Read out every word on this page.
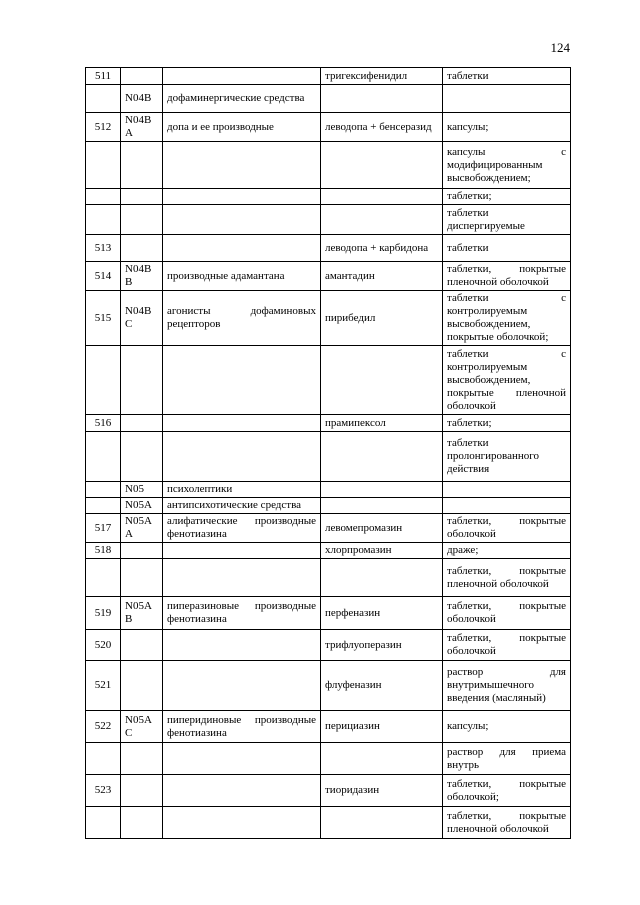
124
511			тригексифенидил	таблетки
	N04B	дофаминергические средства		
512	N04B A	допа и ее производные	леводопа + бенсеразид	капсулы;
				капсулы с модифицированным высвобождением;
				таблетки;
				таблетки диспергируемые
513			леводопа + карбидона	таблетки
514	N04B B	производные адамантана	амантадин	таблетки, покрытые пленочной оболочкой
515	N04B C	агонисты дофаминовых рецепторов	пирибедил	таблетки с контролируемым высвобождением, покрытые оболочкой;
				таблетки с контролируемым высвобождением, покрытые пленочной оболочкой
516			прамипексол	таблетки;
				таблетки пролонгированного действия
	N05	психолептики		
	N05A	антипсихотические средства		
517	N05A A	алифатические производные фенотиазина	левомепромазин	таблетки, покрытые оболочкой
518			хлорпромазин	драже;
				таблетки, покрытые пленочной оболочкой
519	N05A B	пиперазиновые производные фенотиазина	перфеназин	таблетки, покрытые оболочкой
520			трифлуоперазин	таблетки, покрытые оболочкой
521			флуфеназин	раствор для внутримышечного введения (масляный)
522	N05A C	пиперидиновые производные фенотиазина	перициазин	капсулы;
				раствор для приема внутрь
523			тиоридазин	таблетки, покрытые оболочкой;
				таблетки, покрытые пленочной оболочкой
